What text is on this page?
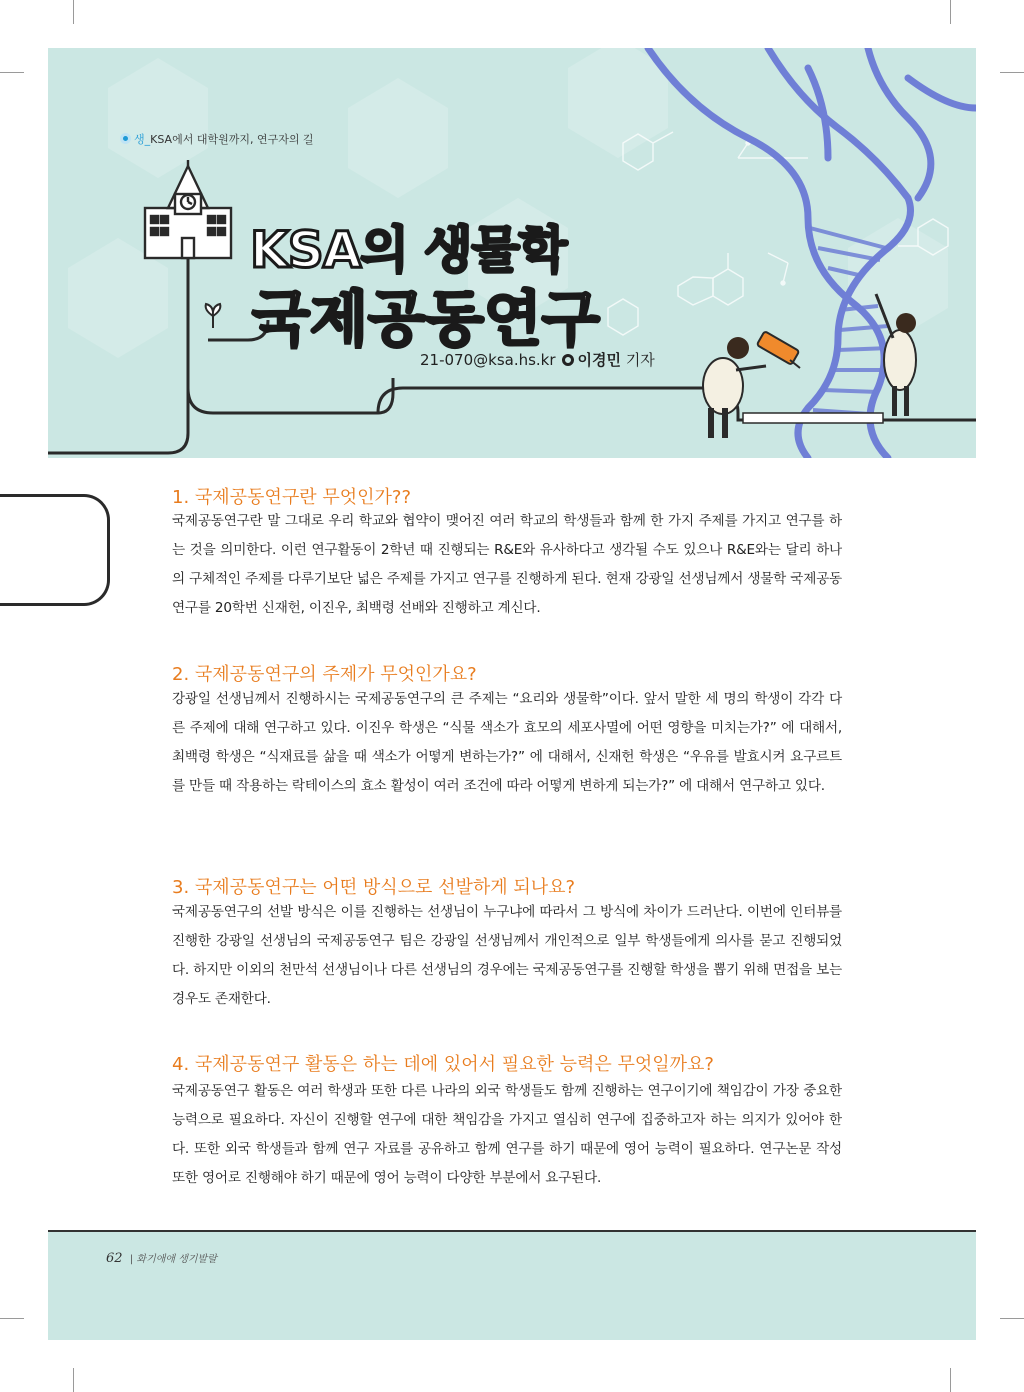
생_KSA에서 대학원까지, 연구자의 길
KSA의 생물학
국제공동연구
21-070@ksa.hs.kr 이경민 기자
1. 국제공동연구란 무엇인가??
국제공동연구란 말 그대로 우리 학교와 협약이 맺어진 여러 학교의 학생들과 함께 한 가지 주제를 가지고 연구를 하는 것을 의미한다. 이런 연구활동이 2학년 때 진행되는 R&E와 유사하다고 생각될 수도 있으나 R&E와는 달리 하나의 구체적인 주제를 다루기보단 넓은 주제를 가지고 연구를 진행하게 된다. 현재 강광일 선생님께서 생물학 국제공동연구를 20학번 신재헌, 이진우, 최백령 선배와 진행하고 계신다.
2. 국제공동연구의 주제가 무엇인가요?
강광일 선생님께서 진행하시는 국제공동연구의 큰 주제는 “요리와 생물학”이다. 앞서 말한 세 명의 학생이 각각 다른 주제에 대해 연구하고 있다. 이진우 학생은 “식물 색소가 효모의 세포사멸에 어떤 영향을 미치는가?” 에 대해서, 최백령 학생은 “식재료를 삶을 때 색소가 어떻게 변하는가?” 에 대해서, 신재헌 학생은 “우유를 발효시켜 요구르트를 만들 때 작용하는 락테이스의 효소 활성이 여러 조건에 따라 어떻게 변하게 되는가?” 에 대해서 연구하고 있다.
3. 국제공동연구는 어떤 방식으로 선발하게 되나요?
국제공동연구의 선발 방식은 이를 진행하는 선생님이 누구냐에 따라서 그 방식에 차이가 드러난다. 이번에 인터뷰를 진행한 강광일 선생님의 국제공동연구 팀은 강광일 선생님께서 개인적으로 일부 학생들에게 의사를 묻고 진행되었다. 하지만 이외의 천만석 선생님이나 다른 선생님의 경우에는 국제공동연구를 진행할 학생을 뽑기 위해 면접을 보는 경우도 존재한다.
4. 국제공동연구 활동은 하는 데에 있어서 필요한 능력은 무엇일까요?
국제공동연구 활동은 여러 학생과 또한 다른 나라의 외국 학생들도 함께 진행하는 연구이기에 책임감이 가장 중요한 능력으로 필요하다. 자신이 진행할 연구에 대한 책임감을 가지고 열심히 연구에 집중하고자 하는 의지가 있어야 한다. 또한 외국 학생들과 함께 연구 자료를 공유하고 함께 연구를 하기 때문에 영어 능력이 필요하다. 연구논문 작성 또한 영어로 진행해야 하기 때문에 영어 능력이 다양한 부분에서 요구된다.
62  | 화기애애 생기발랄
